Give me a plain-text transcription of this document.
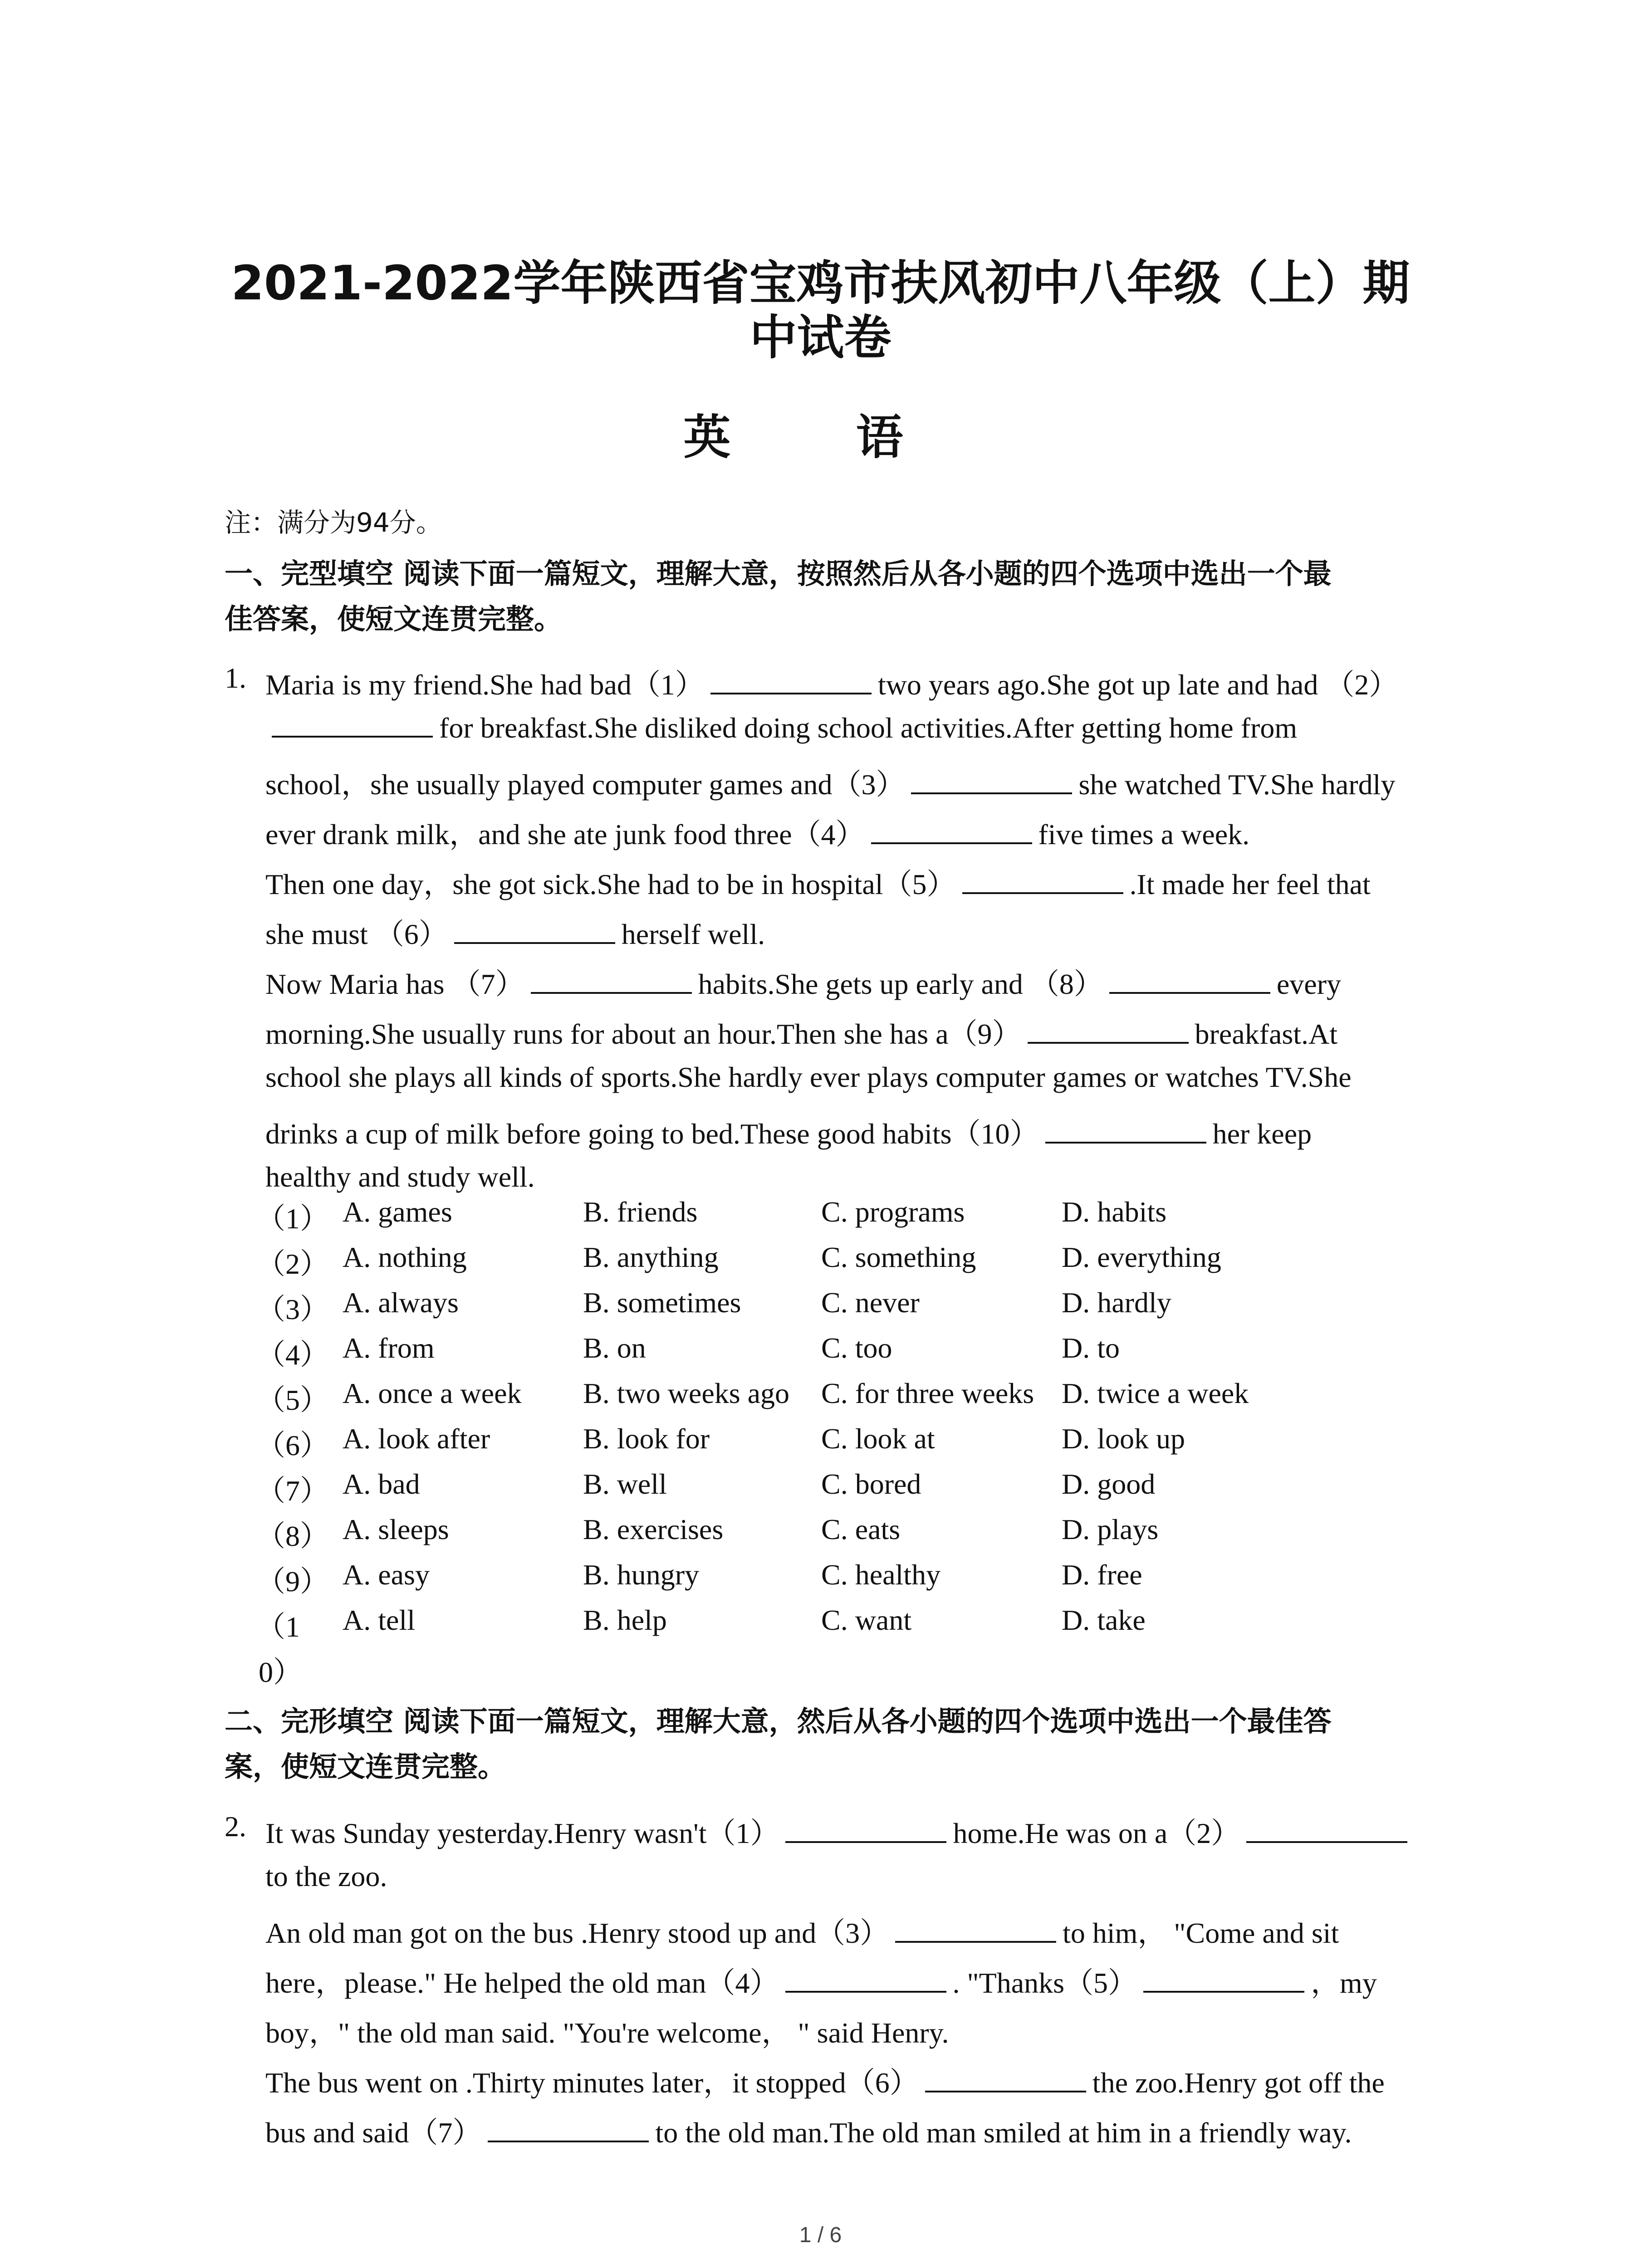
2021-2022学年陕西省宝鸡市扶风初中八年级（上）期
中试卷
英 语
注：满分为94分。
一、完型填空 阅读下面一篇短文，理解大意，按照然后从各小题的四个选项中选出一个最
佳答案，使短文连贯完整。
1. Maria is my friend.She had bad（1）	two years ago.She got up late and had （2）
for breakfast.She disliked doing school activities.After getting home from
school，she usually played computer games and（3）	she watched TV.She hardly
ever drank milk，and she ate junk food three（4）	five times a week.
Then one day，she got sick.She had to be in hospital（5）	.It made her feel that
she must （6）	herself well.
Now Maria has （7）	habits.She gets up early and （8）	every
morning.She usually runs for about an hour.Then she has a（9）	breakfast.At
school she plays all kinds of sports.She hardly ever plays computer games or watches TV.She
drinks a cup of milk before going to bed.These good habits（10）	her keep
healthy and study well.
（1） A. games	B. friends	C. programs	D. habits
（2） A. nothing	B. anything	C. something	D. everything
（3） A. always	B. sometimes	C. never	D. hardly
（4） A. from	B. on	C. too	D. to
（5） A. once a week B. two weeks ago C. for three weeks D. twice a week
（6） A. look after	B. look for	C. look at	D. look up
（7） A. bad	B. well	C. bored	D. good
（8） A. sleeps	B. exercises	C. eats	D. plays
（9） A. easy	B. hungry	C. healthy	D. free
（1	A. tell	B. help	C. want	D. take
0）
二、完形填空 阅读下面一篇短文，理解大意，然后从各小题的四个选项中选出一个最佳答
案，使短文连贯完整。
2. It was Sunday yesterday.Henry wasn't（1）	home.He was on a（2）
to the zoo.
An old man got on the bus .Henry stood up and（3）	to him， "Come and sit
here，please." He helped the old man（4）	. "Thanks（5）	，my
boy，" the old man said. "You're welcome， " said Henry.
The bus went on .Thirty minutes later，it stopped（6）	the zoo.Henry got off the
bus and said（7）	to the old man.The old man smiled at him in a friendly way.
1 / 6
